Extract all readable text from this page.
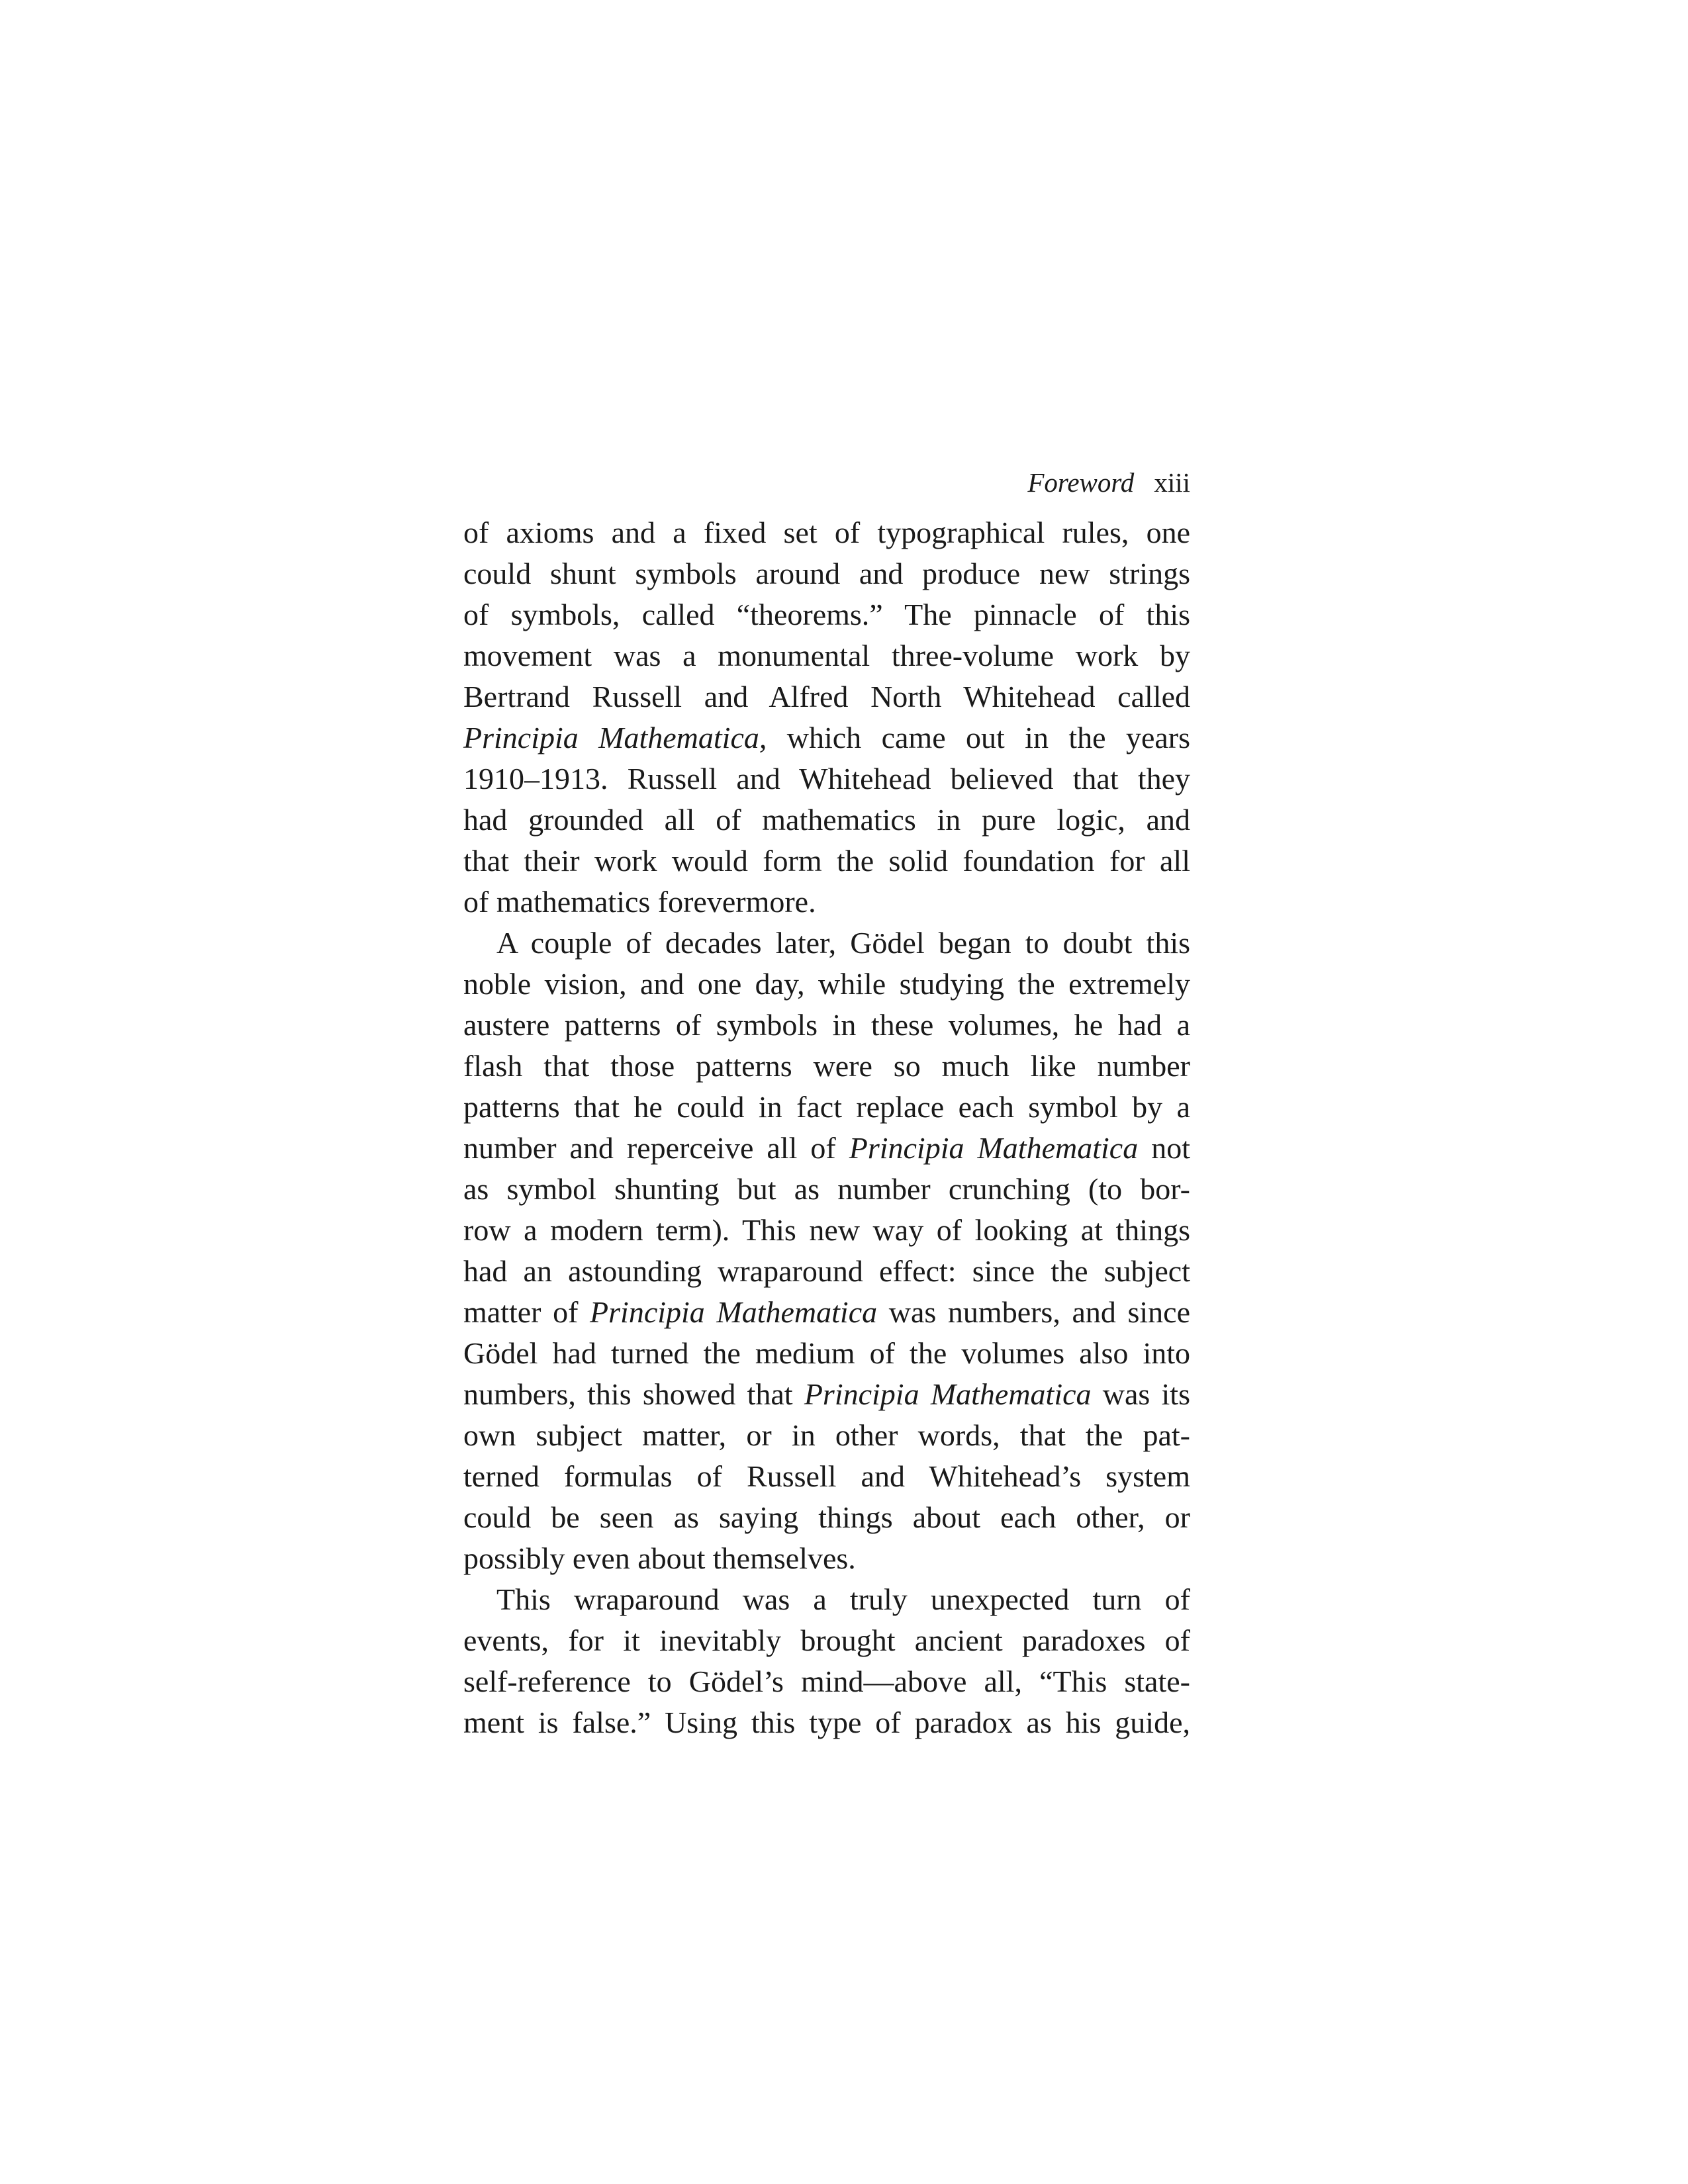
Foreword xiii
of axioms and a fixed set of typographical rules, one
could shunt symbols around and produce new strings
of symbols, called “theorems.” The pinnacle of this
movement was a monumental three-volume work by
Bertrand Russell and Alfred North Whitehead called
Principia Mathematica, which came out in the years
1910–1913. Russell and Whitehead believed that they
had grounded all of mathematics in pure logic, and
that their work would form the solid foundation for all
of mathematics forevermore.
A couple of decades later, Gödel began to doubt this
noble vision, and one day, while studying the extremely
austere patterns of symbols in these volumes, he had a
flash that those patterns were so much like number
patterns that he could in fact replace each symbol by a
number and reperceive all of Principia Mathematica not
as symbol shunting but as number crunching (to bor-
row a modern term). This new way of looking at things
had an astounding wraparound effect: since the subject
matter of Principia Mathematica was numbers, and since
Gödel had turned the medium of the volumes also into
numbers, this showed that Principia Mathematica was its
own subject matter, or in other words, that the pat-
terned formulas of Russell and Whitehead’s system
could be seen as saying things about each other, or
possibly even about themselves.
This wraparound was a truly unexpected turn of
events, for it inevitably brought ancient paradoxes of
self-reference to Gödel’s mind—above all, “This state-
ment is false.” Using this type of paradox as his guide,
